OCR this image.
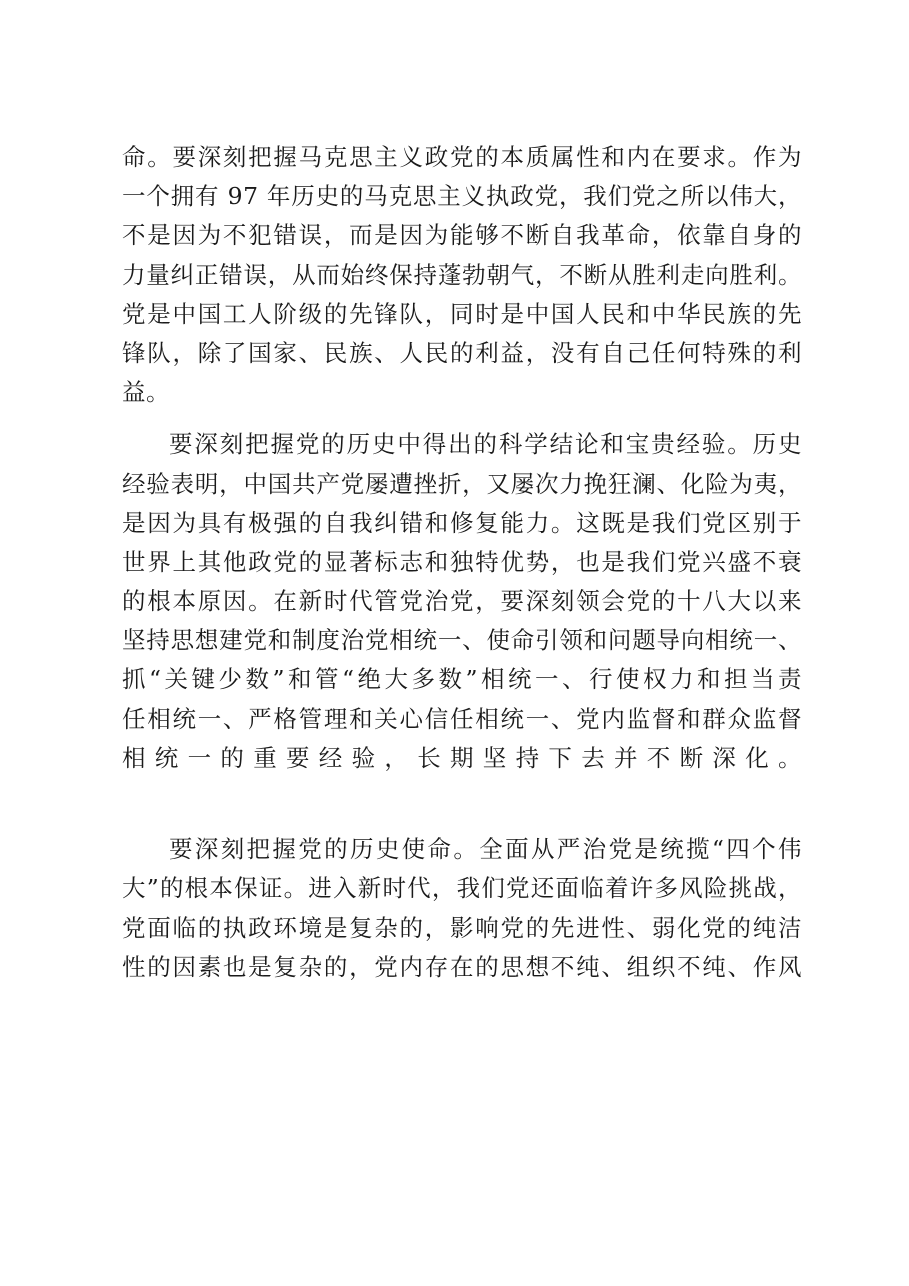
命。要深刻把握马克思主义政党的本质属性和内在要求。作为
一个拥有 97 年历史的马克思主义执政党，我们党之所以伟大，
不是因为不犯错误，而是因为能够不断自我革命，依靠自身的
力量纠正错误，从而始终保持蓬勃朝气，不断从胜利走向胜利。
党是中国工人阶级的先锋队，同时是中国人民和中华民族的先
锋队，除了国家、民族、人民的利益，没有自己任何特殊的利
益。
要深刻把握党的历史中得出的科学结论和宝贵经验。历史
经验表明，中国共产党屡遭挫折，又屡次力挽狂澜、化险为夷，
是因为具有极强的自我纠错和修复能力。这既是我们党区别于
世界上其他政党的显著标志和独特优势，也是我们党兴盛不衰
的根本原因。在新时代管党治党，要深刻领会党的十八大以来
坚持思想建党和制度治党相统一、使命引领和问题导向相统一、
抓“关键少数”和管“绝大多数”相统一、行使权力和担当责
任相统一、严格管理和关心信任相统一、党内监督和群众监督
相统一的重要经验，长期坚持下去并不断深化。
要深刻把握党的历史使命。全面从严治党是统揽“四个伟
大”的根本保证。进入新时代，我们党还面临着许多风险挑战，
党面临的执政环境是复杂的，影响党的先进性、弱化党的纯洁
性的因素也是复杂的，党内存在的思想不纯、组织不纯、作风
